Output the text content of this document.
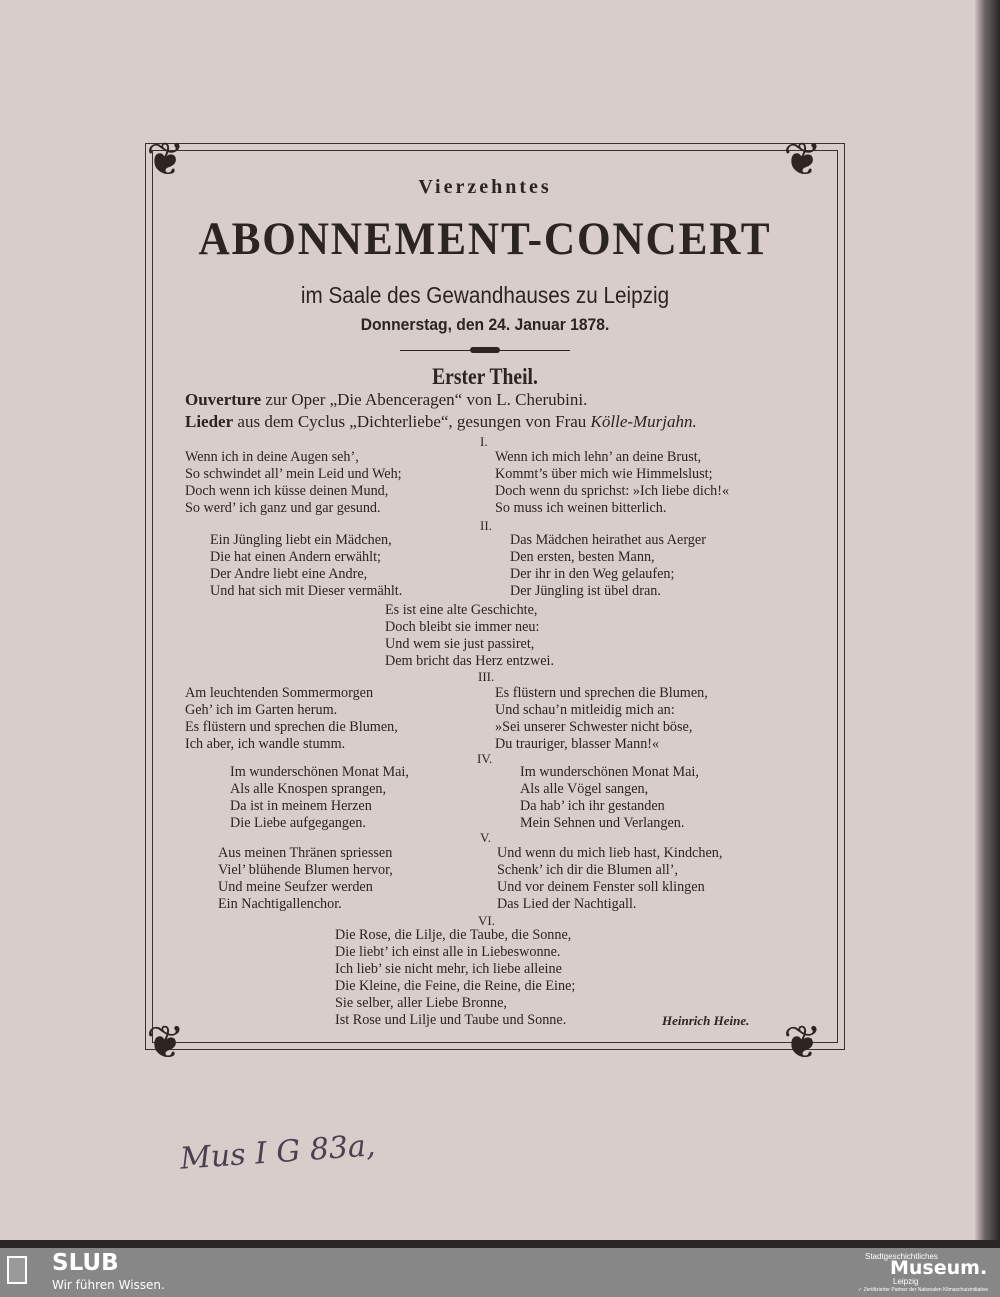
❦	❦
❦	❦
Vierzehntes
ABONNEMENT-CONCERT
im Saale des Gewandhauses zu Leipzig
Donnerstag, den 24. Januar 1878.
Erster Theil.
Ouverture zur Oper „Die Abenceragen“ von L. Cherubini.
Lieder aus dem Cyclus „Dichterliebe“, gesungen von Frau Kölle-Murjahn.
I.
Wenn ich in deine Augen seh’,
So schwindet all’ mein Leid und Weh;
Doch wenn ich küsse deinen Mund,
So werd’ ich ganz und gar gesund.
Wenn ich mich lehn’ an deine Brust,
Kommt’s über mich wie Himmelslust;
Doch wenn du sprichst: »Ich liebe dich!«
So muss ich weinen bitterlich.
II.
Ein Jüngling liebt ein Mädchen,
Die hat einen Andern erwählt;
Der Andre liebt eine Andre,
Und hat sich mit Dieser vermählt.
Das Mädchen heirathet aus Aerger
Den ersten, besten Mann,
Der ihr in den Weg gelaufen;
Der Jüngling ist übel dran.
Es ist eine alte Geschichte,
Doch bleibt sie immer neu:
Und wem sie just passiret,
Dem bricht das Herz entzwei.
III.
Am leuchtenden Sommermorgen
Geh’ ich im Garten herum.
Es flüstern und sprechen die Blumen,
Ich aber, ich wandle stumm.
Es flüstern und sprechen die Blumen,
Und schau’n mitleidig mich an:
»Sei unserer Schwester nicht böse,
Du trauriger, blasser Mann!«
IV.
Im wunderschönen Monat Mai,
Als alle Knospen sprangen,
Da ist in meinem Herzen
Die Liebe aufgegangen.
Im wunderschönen Monat Mai,
Als alle Vögel sangen,
Da hab’ ich ihr gestanden
Mein Sehnen und Verlangen.
V.
Aus meinen Thränen spriessen
Viel’ blühende Blumen hervor,
Und meine Seufzer werden
Ein Nachtigallenchor.
Und wenn du mich lieb hast, Kindchen,
Schenk’ ich dir die Blumen all’,
Und vor deinem Fenster soll klingen
Das Lied der Nachtigall.
VI.
Die Rose, die Lilje, die Taube, die Sonne,
Die liebt’ ich einst alle in Liebeswonne.
Ich lieb’ sie nicht mehr, ich liebe alleine
Die Kleine, die Feine, die Reine, die Eine;
Sie selber, aller Liebe Bronne,
Ist Rose und Lilje und Taube und Sonne.	Heinrich Heine.
Mus I G 83a,
SLUB
Wir führen Wissen.
Stadtgeschichtliches
Museum.
Leipzig
✓ Zertifizierter Partner der Nationalen Klimaschutzinitiative
